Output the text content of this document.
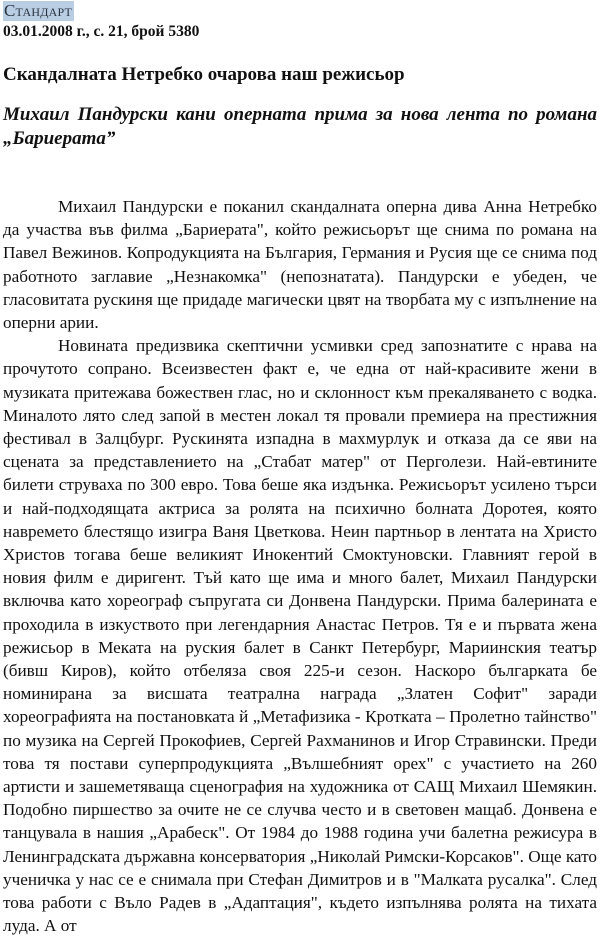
Стандарт
03.01.2008 г., с. 21, брой 5380
Скандалната Нетребко очарова наш режисьор
Михаил Пандурски кани оперната прима за нова лента по романа „Бариерата”

Михаил Пандурски е поканил скандалната оперна дива Анна Нетребко да участва във филма „Бариерата", който режисьорът ще снима по романа на Павел Вежинов. Копродукцията на България, Германия и Русия ще се снима под работното заглавие „Незнакомка" (непознатата). Пандурски е убеден, че гласовитата рускиня ще придаде магически цвят на творбата му с изпълнение на оперни арии.

Новината предизвика скептични усмивки сред запознатите с нрава на прочутото сопрано. Всеизвестен факт е, че една от най-красивите жени в музиката притежава божествен глас, но и склонност към прекаляването с водка. Миналото лято след запой в местен локал тя провали премиера на престижния фестивал в Залцбург. Рускинята изпадна в махмурлук и отказа да се яви на сцената за представлението на „Стабат матер" от Перголези. Най-евтините билети струваха по 300 евро. Това беше яка издънка. Режисьорът усилено търси и най-подходящата актриса за ролята на психично болната Доротея, която навремето блестящо изигра Ваня Цветкова. Неин партньор в лентата на Христо Христов тогава беше великият Инокентий Смоктуновски. Главният герой в новия филм е диригент. Тъй като ще има и много балет, Михаил Пандурски включва като хореограф съпругата си Донвена Пандурски. Прима балерината е проходила в изкуството при легендарния Анастас Петров. Тя е и първата жена режисьор в Меката на руския балет в Санкт Петербург, Мариинския театър (бивш Киров), който отбеляза своя 225-и сезон. Наскоро българката бе номинирана за висшата театрална награда „Златен Софит" заради хореографията на постановката й „Метафизика - Кротката – Пролетно тайнство" по музика на Сергей Прокофиев, Сергей Рахманинов и Игор Стравински. Преди това тя постави суперпродукцията „Вълшебният орех" с участието на 260 артисти и зашеметяваща сценография на художника от САЩ Михаил Шемякин. Подобно пиршество за очите не се случва често и в световен мащаб. Донвена е танцувала в нашия „Арабеск". От 1984 до 1988 година учи балетна режисура в Ленинградската държавна консерватория „Николай Римски-Корсаков". Още като ученичка у нас се е снимала при Стефан Димитров и в "Малката русалка". След това работи с Въло Радев в „Адаптация", където изпълнява ролята на тихата луда. А от
